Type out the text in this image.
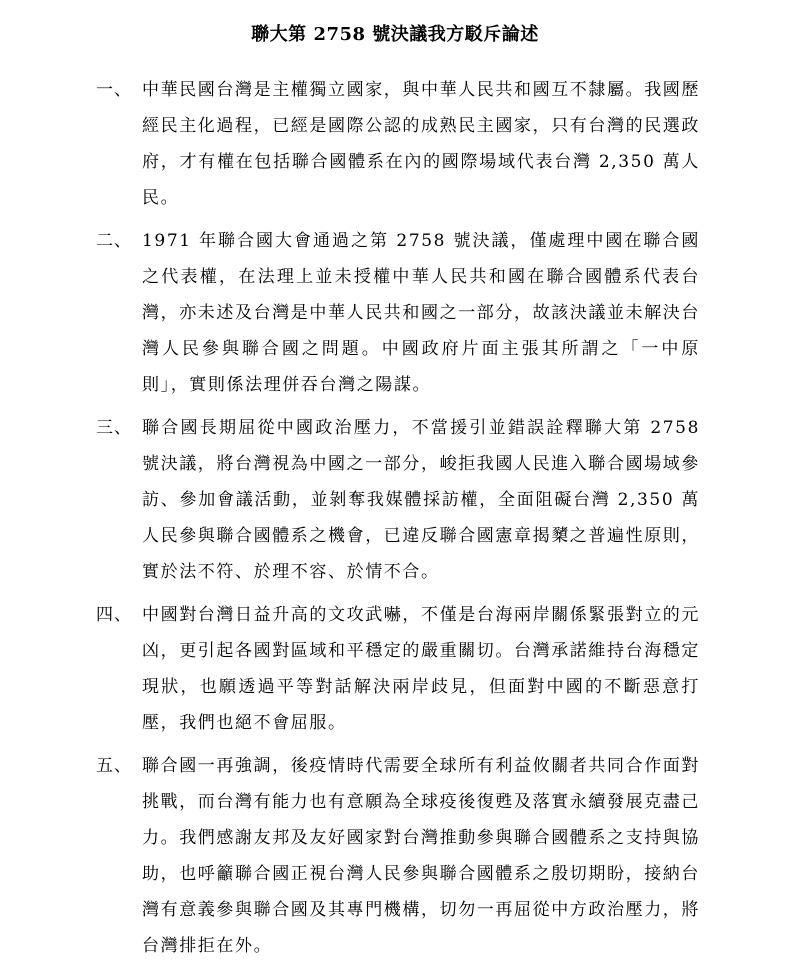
聯大第 2758 號決議我方駁斥論述
一、 中華民國台灣是主權獨立國家，與中華人民共和國互不隸屬。我國歷經民主化過程，已經是國際公認的成熟民主國家，只有台灣的民選政府，才有權在包括聯合國體系在內的國際場域代表台灣 2,350 萬人民。
二、 1971 年聯合國大會通過之第 2758 號決議，僅處理中國在聯合國之代表權，在法理上並未授權中華人民共和國在聯合國體系代表台灣，亦未述及台灣是中華人民共和國之一部分，故該決議並未解決台灣人民參與聯合國之問題。中國政府片面主張其所謂之「一中原則」，實則係法理併吞台灣之陽謀。
三、 聯合國長期屈從中國政治壓力，不當援引並錯誤詮釋聯大第 2758 號決議，將台灣視為中國之一部分，峻拒我國人民進入聯合國場域參訪、參加會議活動，並剝奪我媒體採訪權，全面阻礙台灣 2,350 萬人民參與聯合國體系之機會，已違反聯合國憲章揭櫫之普遍性原則，實於法不符、於理不容、於情不合。
四、 中國對台灣日益升高的文攻武嚇，不僅是台海兩岸關係緊張對立的元凶，更引起各國對區域和平穩定的嚴重關切。台灣承諾維持台海穩定現狀，也願透過平等對話解決兩岸歧見，但面對中國的不斷惡意打壓，我們也絕不會屈服。
五、 聯合國一再強調，後疫情時代需要全球所有利益攸關者共同合作面對挑戰，而台灣有能力也有意願為全球疫後復甦及落實永續發展克盡己力。我們感謝友邦及友好國家對台灣推動參與聯合國體系之支持與協助，也呼籲聯合國正視台灣人民參與聯合國體系之殷切期盼，接納台灣有意義參與聯合國及其專門機構，切勿一再屈從中方政治壓力，將台灣排拒在外。
